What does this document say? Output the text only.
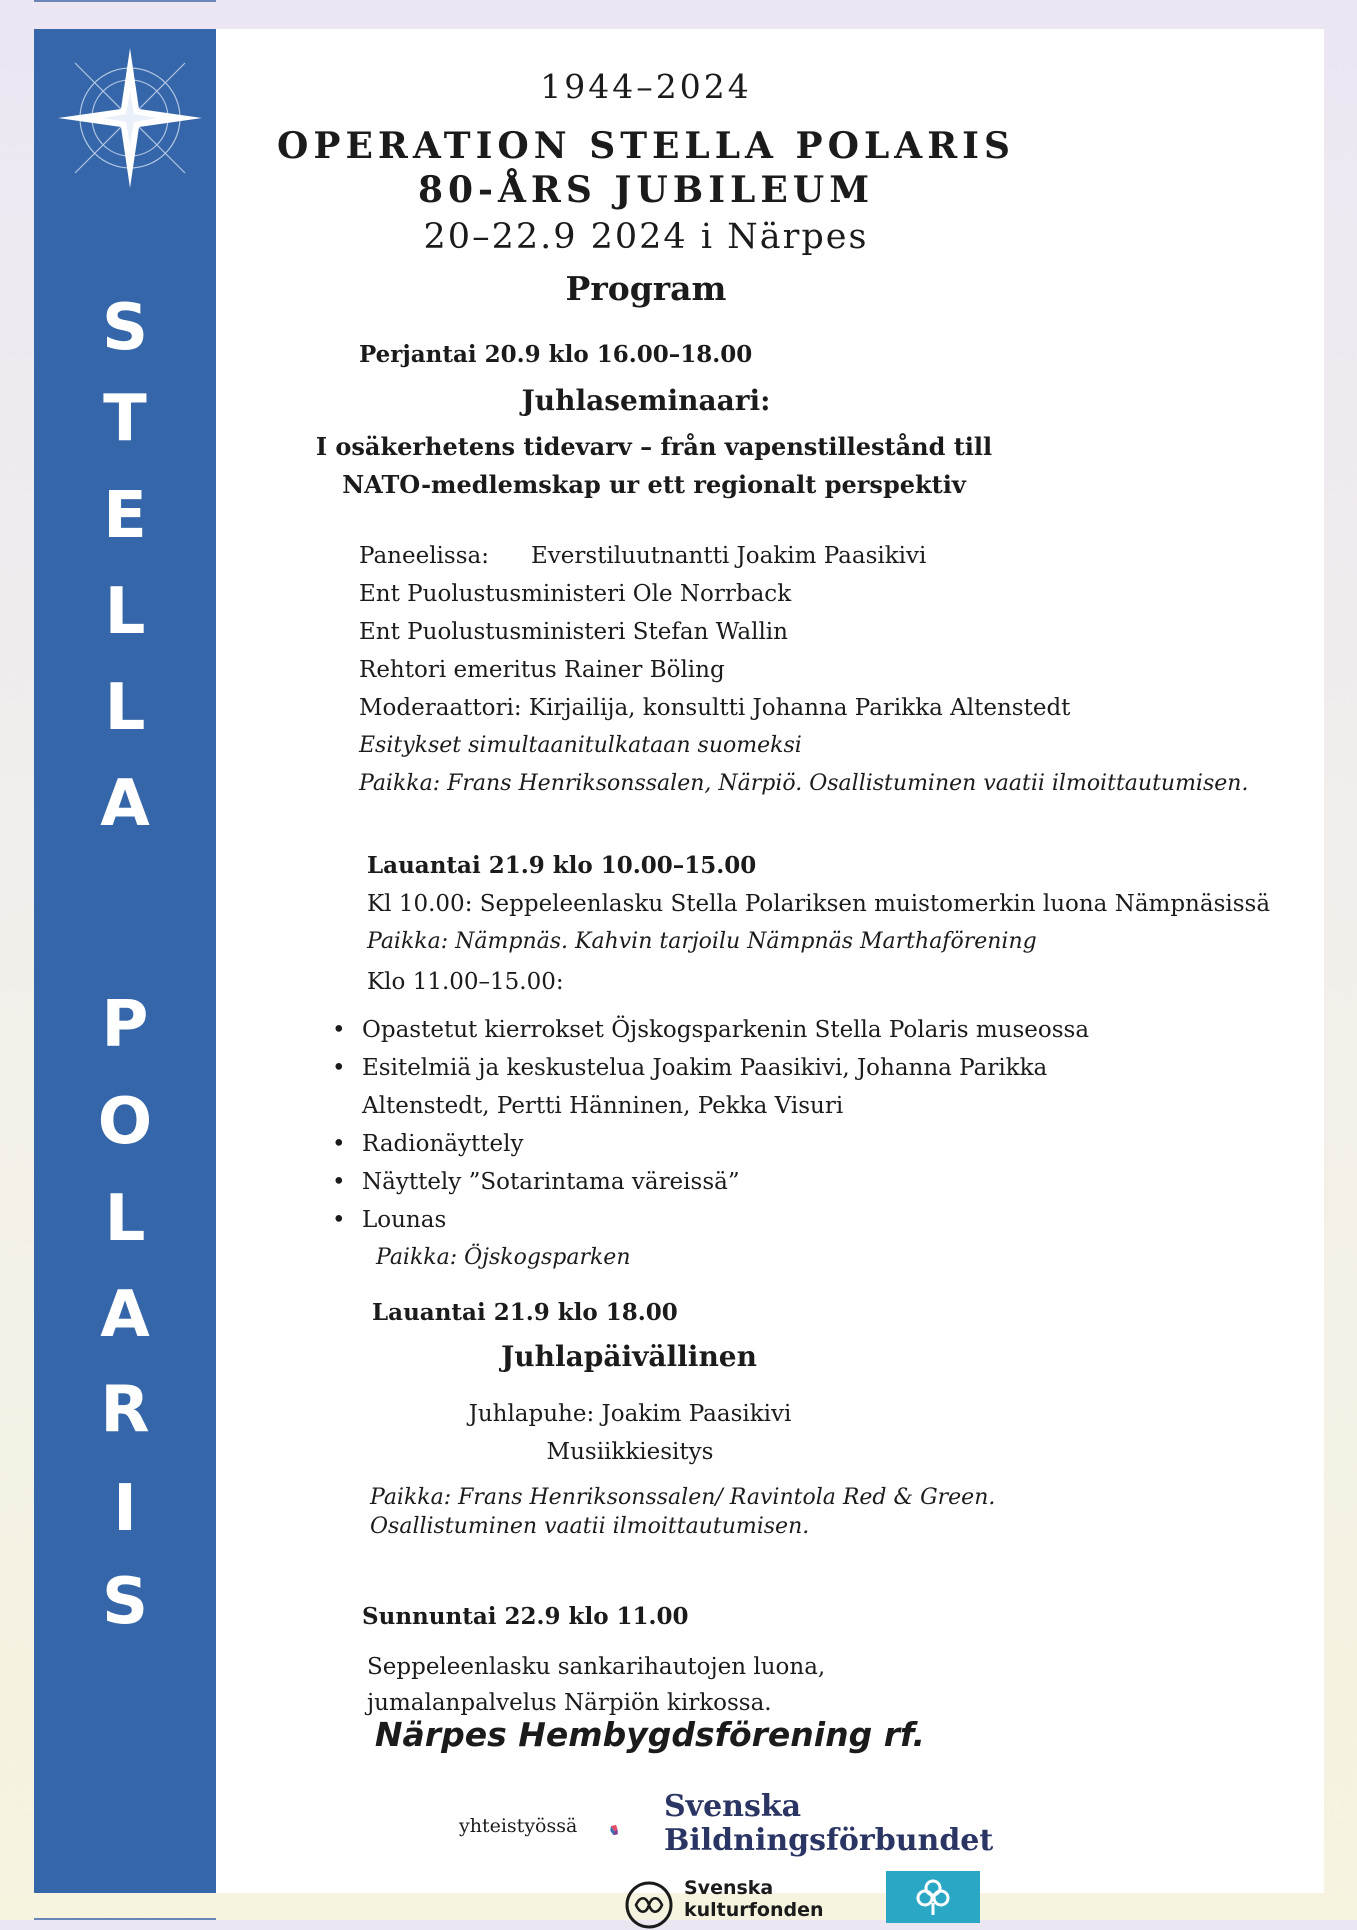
S
T
E
L
L
A
P
O
L
A
R
I
S
1944–2024
OPERATION STELLA POLARIS
80-ÅRS JUBILEUM
20–22.9 2024 i Närpes
Program
Perjantai 20.9 klo 16.00–18.00
Juhlaseminaari:
I osäkerhetens tidevarv – från vapenstillestånd till
NATO-medlemskap ur ett regionalt perspektiv
Paneelissa: Everstiluutnantti Joakim Paasikivi
Ent Puolustusministeri Ole Norrback
Ent Puolustusministeri Stefan Wallin
Rehtori emeritus Rainer Böling
Moderaattori: Kirjailija, konsultti Johanna Parikka Altenstedt
Esitykset simultaanitulkataan suomeksi
Paikka: Frans Henriksonssalen, Närpiö. Osallistuminen vaatii ilmoittautumisen.
Lauantai 21.9 klo 10.00–15.00
Kl 10.00: Seppeleenlasku Stella Polariksen muistomerkin luona Nämpnäsissä
Paikka: Nämpnäs. Kahvin tarjoilu Nämpnäs Marthaförening
Klo 11.00–15.00:
• Opastetut kierrokset Öjskogsparkenin Stella Polaris museossa
• Esitelmiä ja keskustelua Joakim Paasikivi, Johanna Parikka
Altenstedt, Pertti Hänninen, Pekka Visuri
• Radionäyttely
• Näyttely ”Sotarintama väreissä”
• Lounas
Paikka: Öjskogsparken
Lauantai 21.9 klo 18.00
Juhlapäivällinen
Juhlapuhe: Joakim Paasikivi
Musiikkiesitys
Paikka: Frans Henriksonssalen/ Ravintola Red & Green.
Osallistuminen vaatii ilmoittautumisen.
Sunnuntai 22.9 klo 11.00
Seppeleenlasku sankarihautojen luona,
jumalanpalvelus Närpiön kirkossa.
Närpes Hembygdsförening rf.
yhteistyössä
Svenska
Bildningsförbundet
Svenska
kulturfonden
